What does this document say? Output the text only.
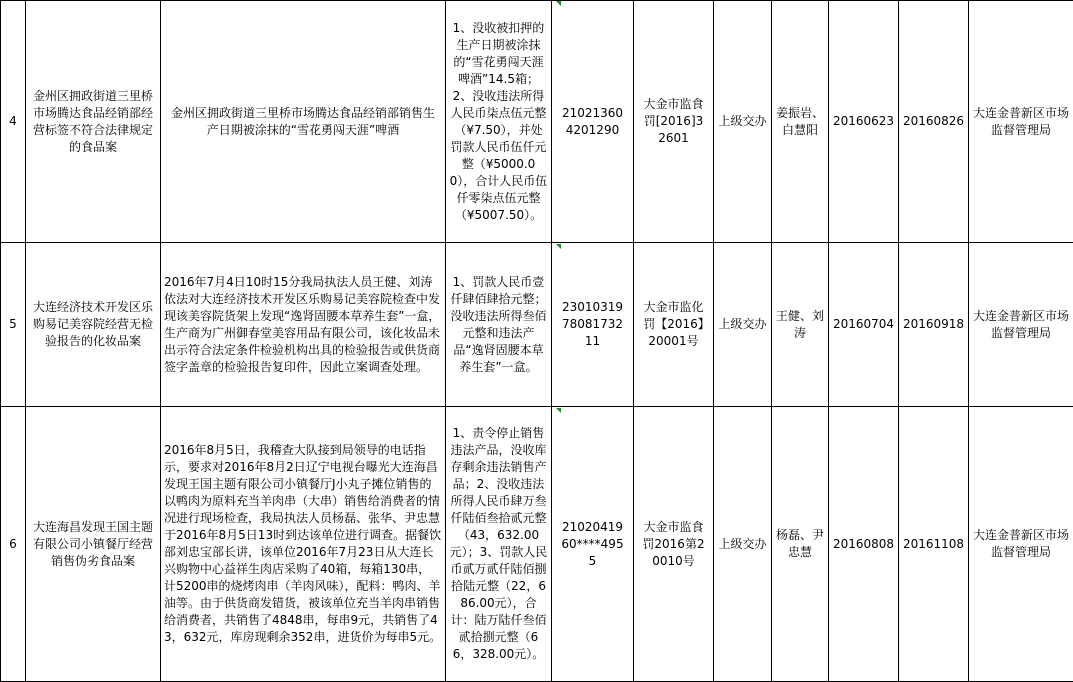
4	金州区拥政街道三里桥市场腾达食品经销部经营标签不符合法律规定的食品案	金州区拥政街道三里桥市场腾达食品经销部销售生产日期被涂抹的“雪花勇闯天涯”啤酒	1、没收被扣押的生产日期被涂抹的“雪花勇闯天涯啤酒”14.5箱；2、没收违法所得人民币柒点伍元整（¥7.50），并处罚款人民币伍仟元整（¥5000.00），合计人民币伍仟零柒点伍元整（¥5007.50）。	210213604201290	大金市监食罚[2016]32601	上级交办	姜振岩、白慧阳	20160623	20160826	大连金普新区市场监督管理局
5	大连经济技术开发区乐购易记美容院经营无检验报告的化妆品案	2016年7月4日10时15分我局执法人员王健、刘涛依法对大连经济技术开发区乐购易记美容院检查中发现该美容院货架上发现“逸肾固腰本草养生套”一盒，生产商为广州御春堂美容用品有限公司，该化妆品未出示符合法定条件检验机构出具的检验报告或供货商签字盖章的检验报告复印件，因此立案调查处理。	1、罚款人民币壹仟肆佰肆拾元整；没收违法所得叁佰元整和违法产品“逸肾固腰本草养生套”一盒。	230103197808173211	大金市监化罚【2016】20001号	上级交办	王健、刘涛	20160704	20160918	大连金普新区市场监督管理局
6	大连海昌发现王国主题有限公司小镇餐厅经营销售伪劣食品案	2016年8月5日，我稽查大队接到局领导的电话指示，要求对2016年8月2日辽宁电视台曝光大连海昌发现王国主题有限公司小镇餐厅J小丸子摊位销售的以鸭肉为原料充当羊肉串（大串）销售给消费者的情况进行现场检查，我局执法人员杨磊、张华、尹忠慧于2016年8月5日13时到达该单位进行调查。据餐饮部刘忠宝部长讲，该单位2016年7月23日从大连长兴购物中心益祥生肉店采购了40箱，每箱130串，计5200串的烧烤肉串（羊肉风味），配料：鸭肉、羊油等。由于供货商发错货，被该单位充当羊肉串销售给消费者，共销售了4848串，每串9元，共销售了43，632元，库房现剩余352串，进货价为每串5元。	1、责令停止销售违法产品，没收库存剩余违法销售产品；2、没收违法所得人民币肆万叁仟陆佰叁拾贰元整（43，632.00元）；3、罚款人民币贰万贰仟陆佰捌拾陆元整（22，686.00元），合计：陆万陆仟叁佰贰拾捌元整（66，328.00元）。	2102041960****4955	大金市监食罚2016第20010号	上级交办	杨磊、尹忠慧	20160808	20161108	大连金普新区市场监督管理局
